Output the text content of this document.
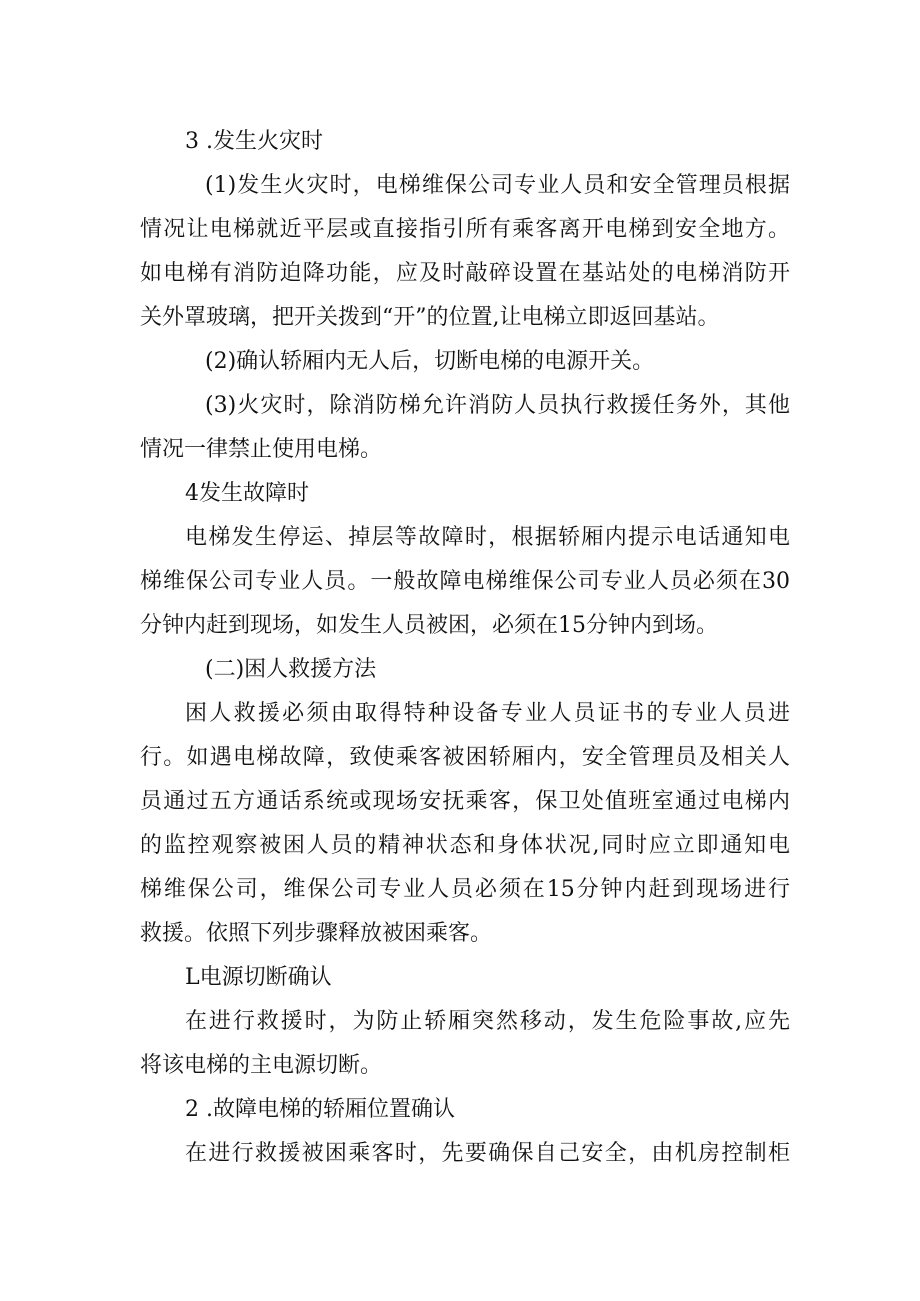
3 .发生火灾时

(1)发生火灾时，电梯维保公司专业人员和安全管理员根据

情况让电梯就近平层或直接指引所有乘客离开电梯到安全地方。

如电梯有消防迫降功能，应及时敲碎设置在基站处的电梯消防开

关外罩玻璃，把开关拨到“开”的位置,让电梯立即返回基站。

(2)确认轿厢内无人后，切断电梯的电源开关。

(3)火灾时，除消防梯允许消防人员执行救援任务外，其他

情况一律禁止使用电梯。

4发生故障时

电梯发生停运、掉层等故障时，根据轿厢内提示电话通知电

梯维保公司专业人员。一般故障电梯维保公司专业人员必须在30

分钟内赶到现场，如发生人员被困，必须在15分钟内到场。

(二)困人救援方法

困人救援必须由取得特种设备专业人员证书的专业人员进

行。如遇电梯故障，致使乘客被困轿厢内，安全管理员及相关人

员通过五方通话系统或现场安抚乘客，保卫处值班室通过电梯内

的监控观察被困人员的精神状态和身体状况,同时应立即通知电

梯维保公司，维保公司专业人员必须在15分钟内赶到现场进行

救援。依照下列步骤释放被困乘客。

L电源切断确认

在进行救援时，为防止轿厢突然移动，发生危险事故,应先

将该电梯的主电源切断。

2 .故障电梯的轿厢位置确认

在进行救援被困乘客时，先要确保自己安全，由机房控制柜
